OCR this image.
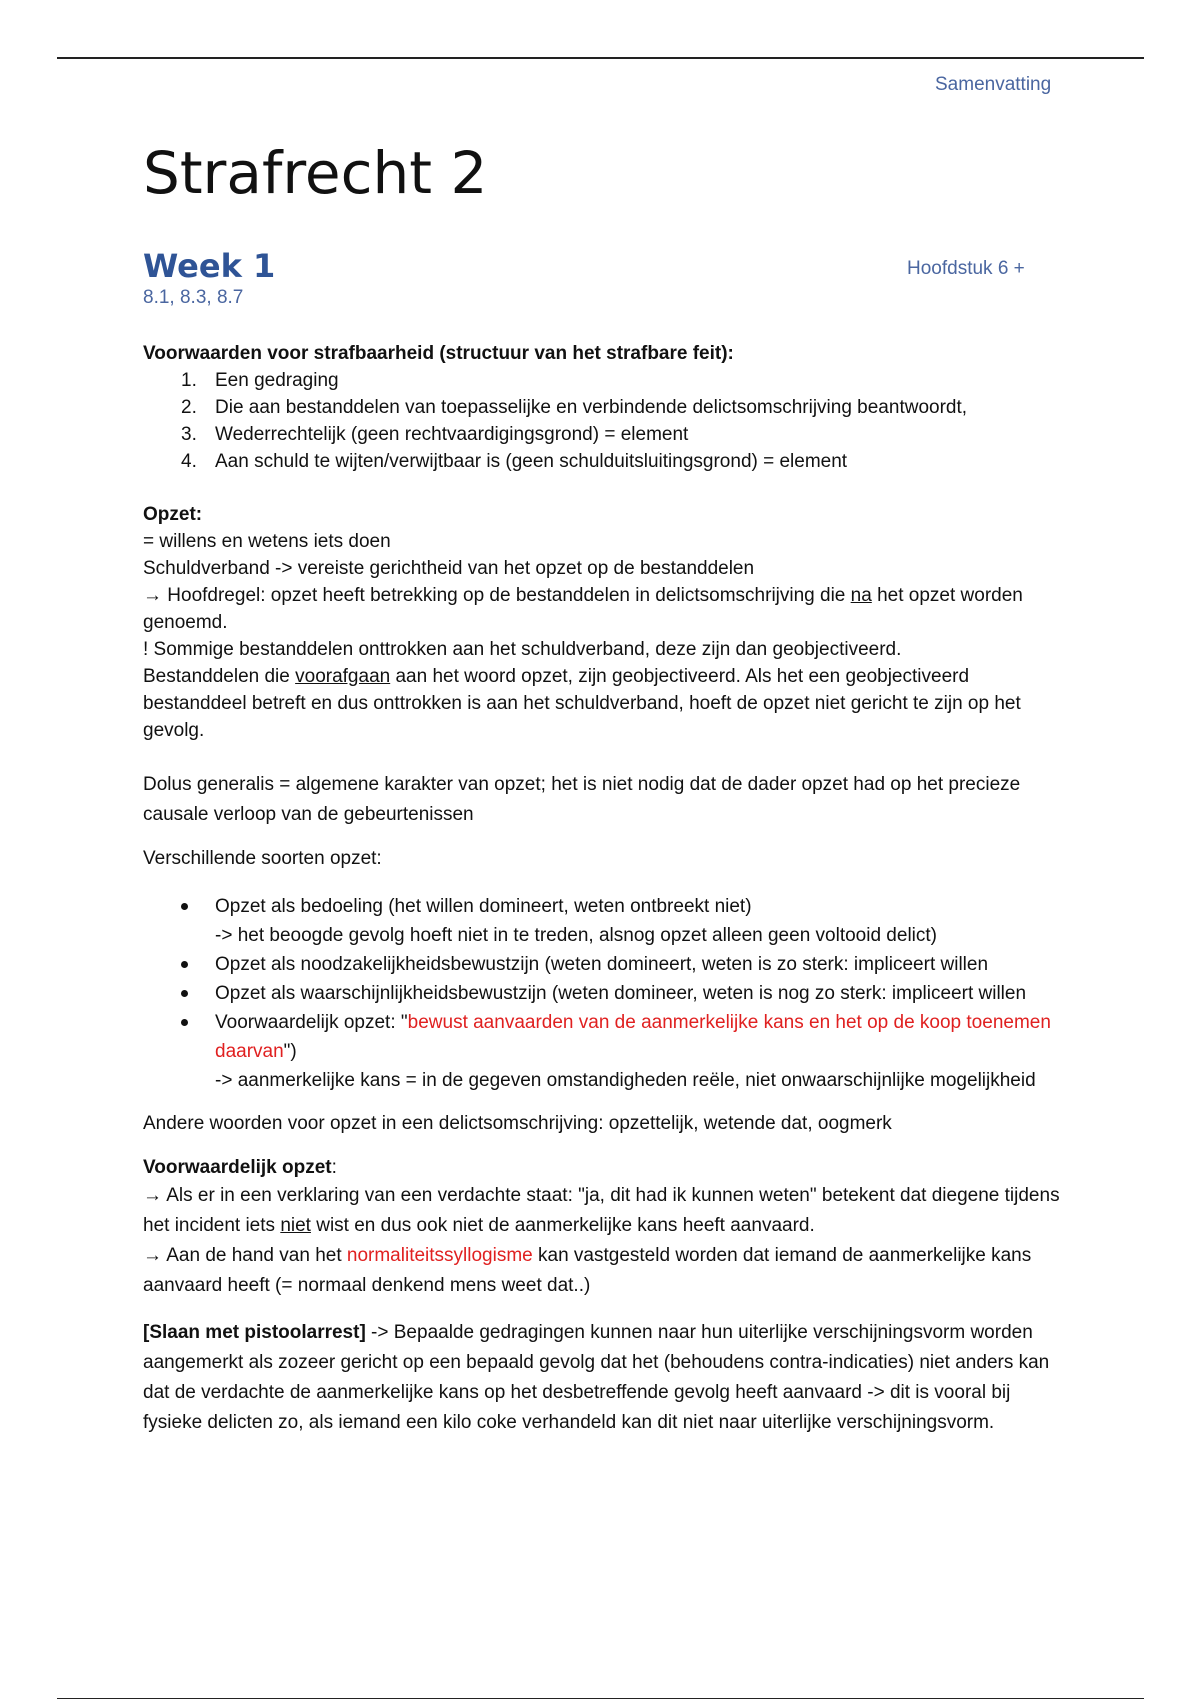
Samenvatting
Strafrecht 2
Week 1
8.1, 8.3, 8.7
Hoofdstuk 6 +

Voorwaarden voor strafbaarheid (structuur van het strafbare feit):

1. Een gedraging
2. Die aan bestanddelen van toepasselijke en verbindende delictsomschrijving beantwoordt,
3. Wederrechtelijk (geen rechtvaardigingsgrond) = element
4. Aan schuld te wijten/verwijtbaar is (geen schulduitsluitingsgrond) = element

Opzet:

= willens en wetens iets doen

Schuldverband -> vereiste gerichtheid van het opzet op de bestanddelen

→ Hoofdregel: opzet heeft betrekking op de bestanddelen in delictsomschrijving die na het opzet worden genoemd.

! Sommige bestanddelen onttrokken aan het schuldverband, deze zijn dan geobjectiveerd.

Bestanddelen die voorafgaan aan het woord opzet, zijn geobjectiveerd. Als het een geobjectiveerd bestanddeel betreft en dus onttrokken is aan het schuldverband, hoeft de opzet niet gericht te zijn op het gevolg.

Dolus generalis = algemene karakter van opzet; het is niet nodig dat de dader opzet had op het precieze causale verloop van de gebeurtenissen

Verschillende soorten opzet:

Opzet als bedoeling (het willen domineert, weten ontbreekt niet)
-> het beoogde gevolg hoeft niet in te treden, alsnog opzet alleen geen voltooid delict)
Opzet als noodzakelijkheidsbewustzijn (weten domineert, weten is zo sterk: impliceert willen
Opzet als waarschijnlijkheidsbewustzijn (weten domineer, weten is nog zo sterk: impliceert willen
Voorwaardelijk opzet: "bewust aanvaarden van de aanmerkelijke kans en het op de koop toenemen daarvan")
-> aanmerkelijke kans = in de gegeven omstandigheden reële, niet onwaarschijnlijke mogelijkheid

Andere woorden voor opzet in een delictsomschrijving: opzettelijk, wetende dat, oogmerk

Voorwaardelijk opzet:

→ Als er in een verklaring van een verdachte staat: "ja, dit had ik kunnen weten" betekent dat diegene tijdens het incident iets niet wist en dus ook niet de aanmerkelijke kans heeft aanvaard.

→ Aan de hand van het normaliteitssyllogisme kan vastgesteld worden dat iemand de aanmerkelijke kans aanvaard heeft (= normaal denkend mens weet dat..)

[Slaan met pistoolarrest] -> Bepaalde gedragingen kunnen naar hun uiterlijke verschijningsvorm worden aangemerkt als zozeer gericht op een bepaald gevolg dat het (behoudens contra-indicaties) niet anders kan dat de verdachte de aanmerkelijke kans op het desbetreffende gevolg heeft aanvaard -> dit is vooral bij fysieke delicten zo, als iemand een kilo coke verhandeld kan dit niet naar uiterlijke verschijningsvorm.
